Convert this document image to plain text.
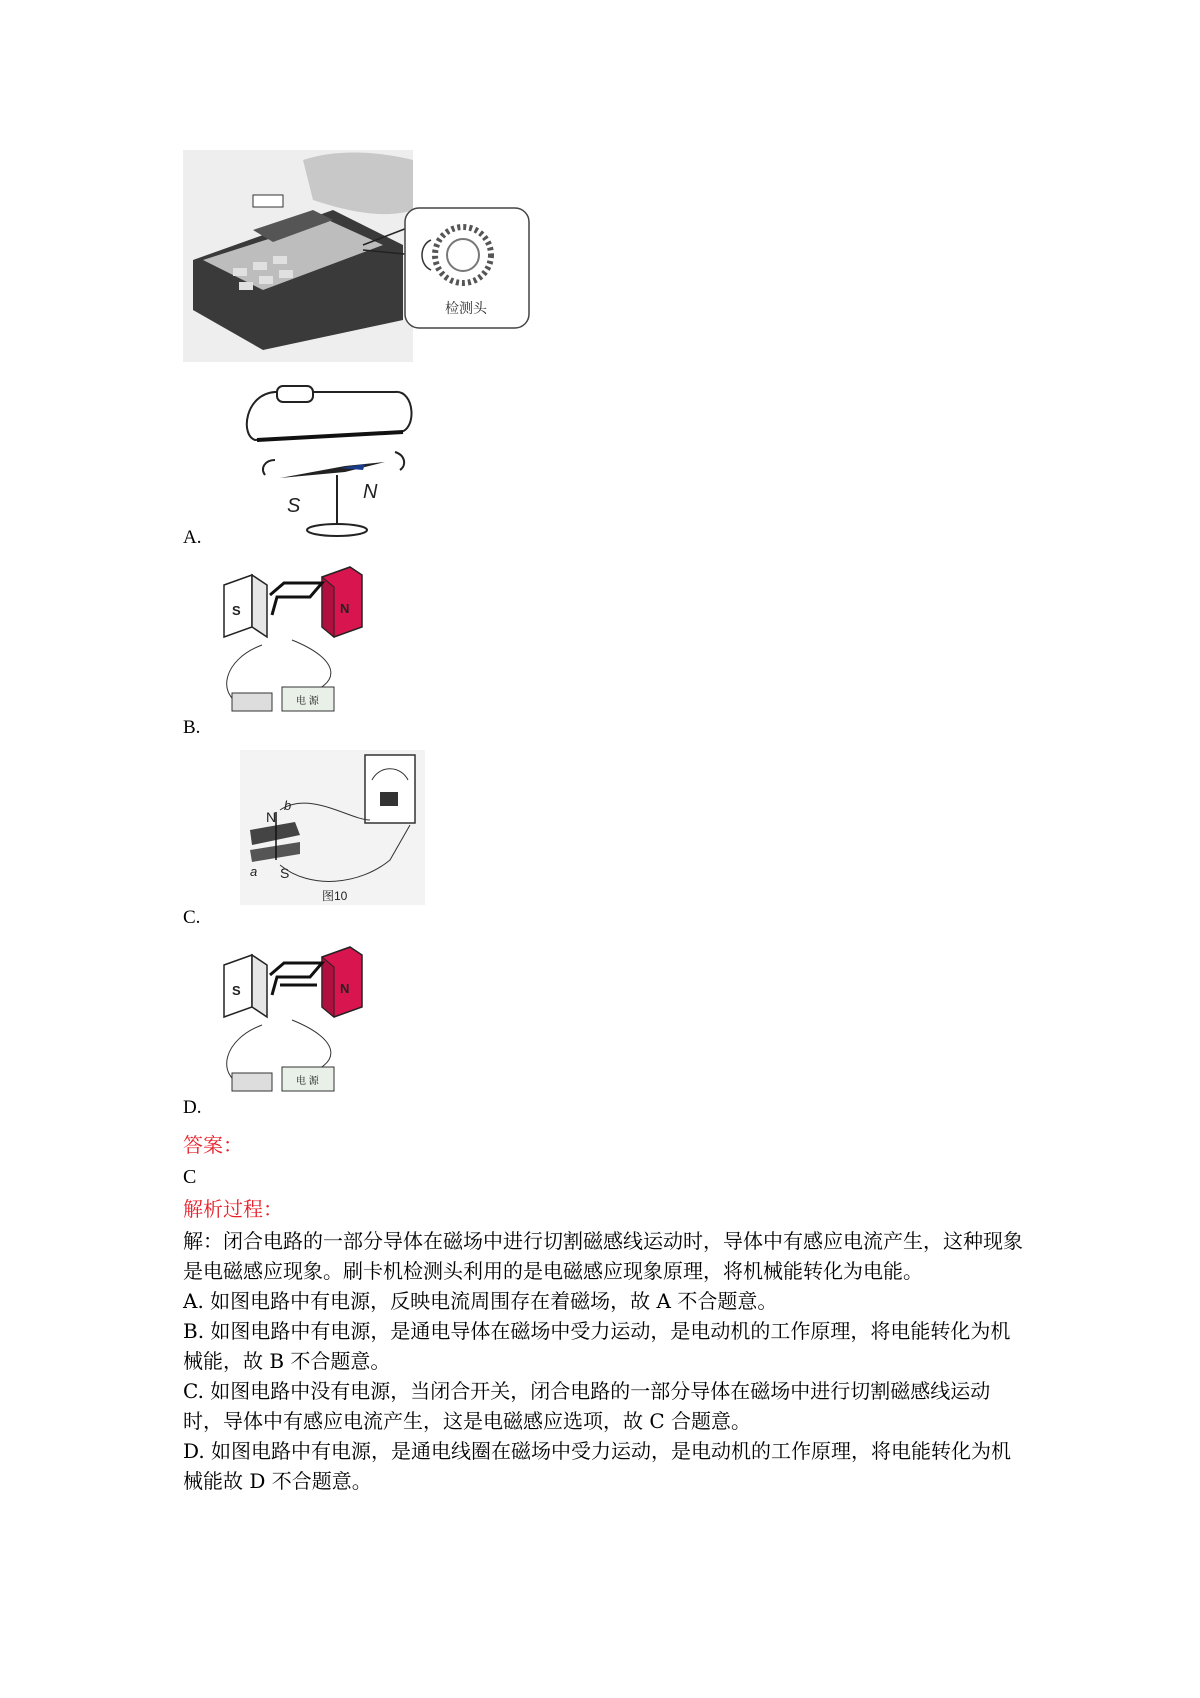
检测头
S
N
A.
S	N
电 源
B.
N
b
a S
图10
C.
S	N
电 源
D.
答案：
C
解析过程：

解：闭合电路的一部分导体在磁场中进行切割磁感线运动时，导体中有感应电流产生，这种现象是电磁感应现象。刷卡机检测头利用的是电磁感应现象原理，将机械能转化为电能。

A. 如图电路中有电源，反映电流周围存在着磁场，故 A 不合题意。

B. 如图电路中有电源，是通电导体在磁场中受力运动，是电动机的工作原理，将电能转化为机械能，故 B 不合题意。

C. 如图电路中没有电源，当闭合开关，闭合电路的一部分导体在磁场中进行切割磁感线运动时，导体中有感应电流产生，这是电磁感应选项，故 C 合题意。

D. 如图电路中有电源，是通电线圈在磁场中受力运动，是电动机的工作原理，将电能转化为机械能故 D 不合题意。
